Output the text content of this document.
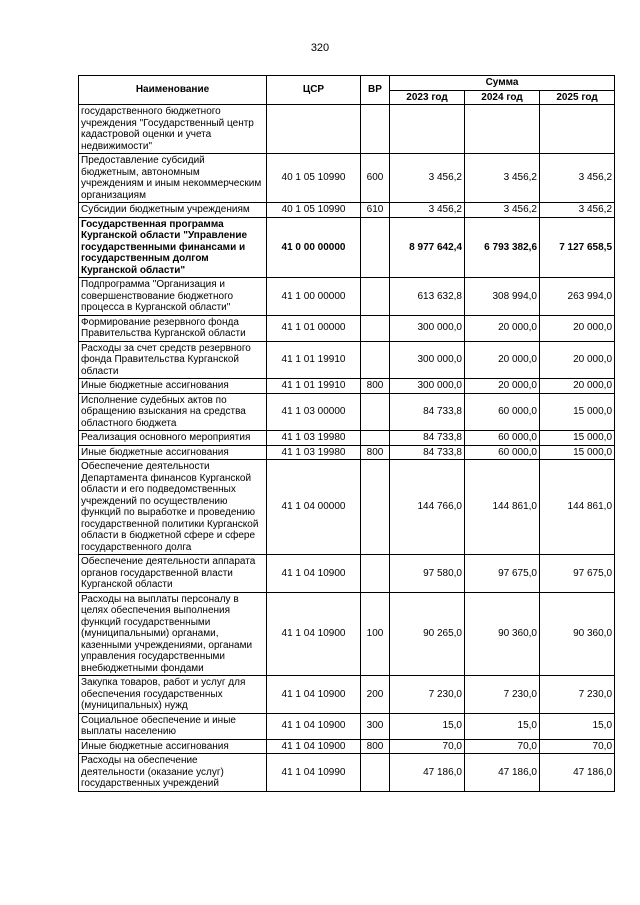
320
Наименование	ЦСР	ВР	Сумма		
			2023 год	2024 год	2025 год
государственного бюджетного учреждения "Государственный центр кадастровой оценки и учета недвижимости"					
Предоставление субсидий бюджетным, автономным учреждениям и иным некоммерческим организациям	40 1 05 10990	600	3 456,2	3 456,2	3 456,2
Субсидии бюджетным учреждениям	40 1 05 10990	610	3 456,2	3 456,2	3 456,2
Государственная программа Курганской области "Управление государственными финансами и государственным долгом Курганской области"	41 0 00 00000		8 977 642,4	6 793 382,6	7 127 658,5
Подпрограмма "Организация и совершенствование бюджетного процесса в Курганской области"	41 1 00 00000		613 632,8	308 994,0	263 994,0
Формирование резервного фонда Правительства Курганской области	41 1 01 00000		300 000,0	20 000,0	20 000,0
Расходы за счет средств резервного фонда Правительства Курганской области	41 1 01 19910		300 000,0	20 000,0	20 000,0
Иные бюджетные ассигнования	41 1 01 19910	800	300 000,0	20 000,0	20 000,0
Исполнение судебных актов по обращению взыскания на средства областного бюджета	41 1 03 00000		84 733,8	60 000,0	15 000,0
Реализация основного мероприятия	41 1 03 19980		84 733,8	60 000,0	15 000,0
Иные бюджетные ассигнования	41 1 03 19980	800	84 733,8	60 000,0	15 000,0
Обеспечение деятельности Департамента финансов Курганской области и его подведомственных учреждений по осуществлению функций по выработке и проведению государственной политики Курганской области в бюджетной сфере и сфере государственного долга	41 1 04 00000		144 766,0	144 861,0	144 861,0
Обеспечение деятельности аппарата органов государственной власти Курганской области	41 1 04 10900		97 580,0	97 675,0	97 675,0
Расходы на выплаты персоналу в целях обеспечения выполнения функций государственными (муниципальными) органами, казенными учреждениями, органами управления государственными внебюджетными фондами	41 1 04 10900	100	90 265,0	90 360,0	90 360,0
Закупка товаров, работ и услуг для обеспечения государственных (муниципальных) нужд	41 1 04 10900	200	7 230,0	7 230,0	7 230,0
Социальное обеспечение и иные выплаты населению	41 1 04 10900	300	15,0	15,0	15,0
Иные бюджетные ассигнования	41 1 04 10900	800	70,0	70,0	70,0
Расходы на обеспечение деятельности (оказание услуг) государственных учреждений	41 1 04 10990		47 186,0	47 186,0	47 186,0
